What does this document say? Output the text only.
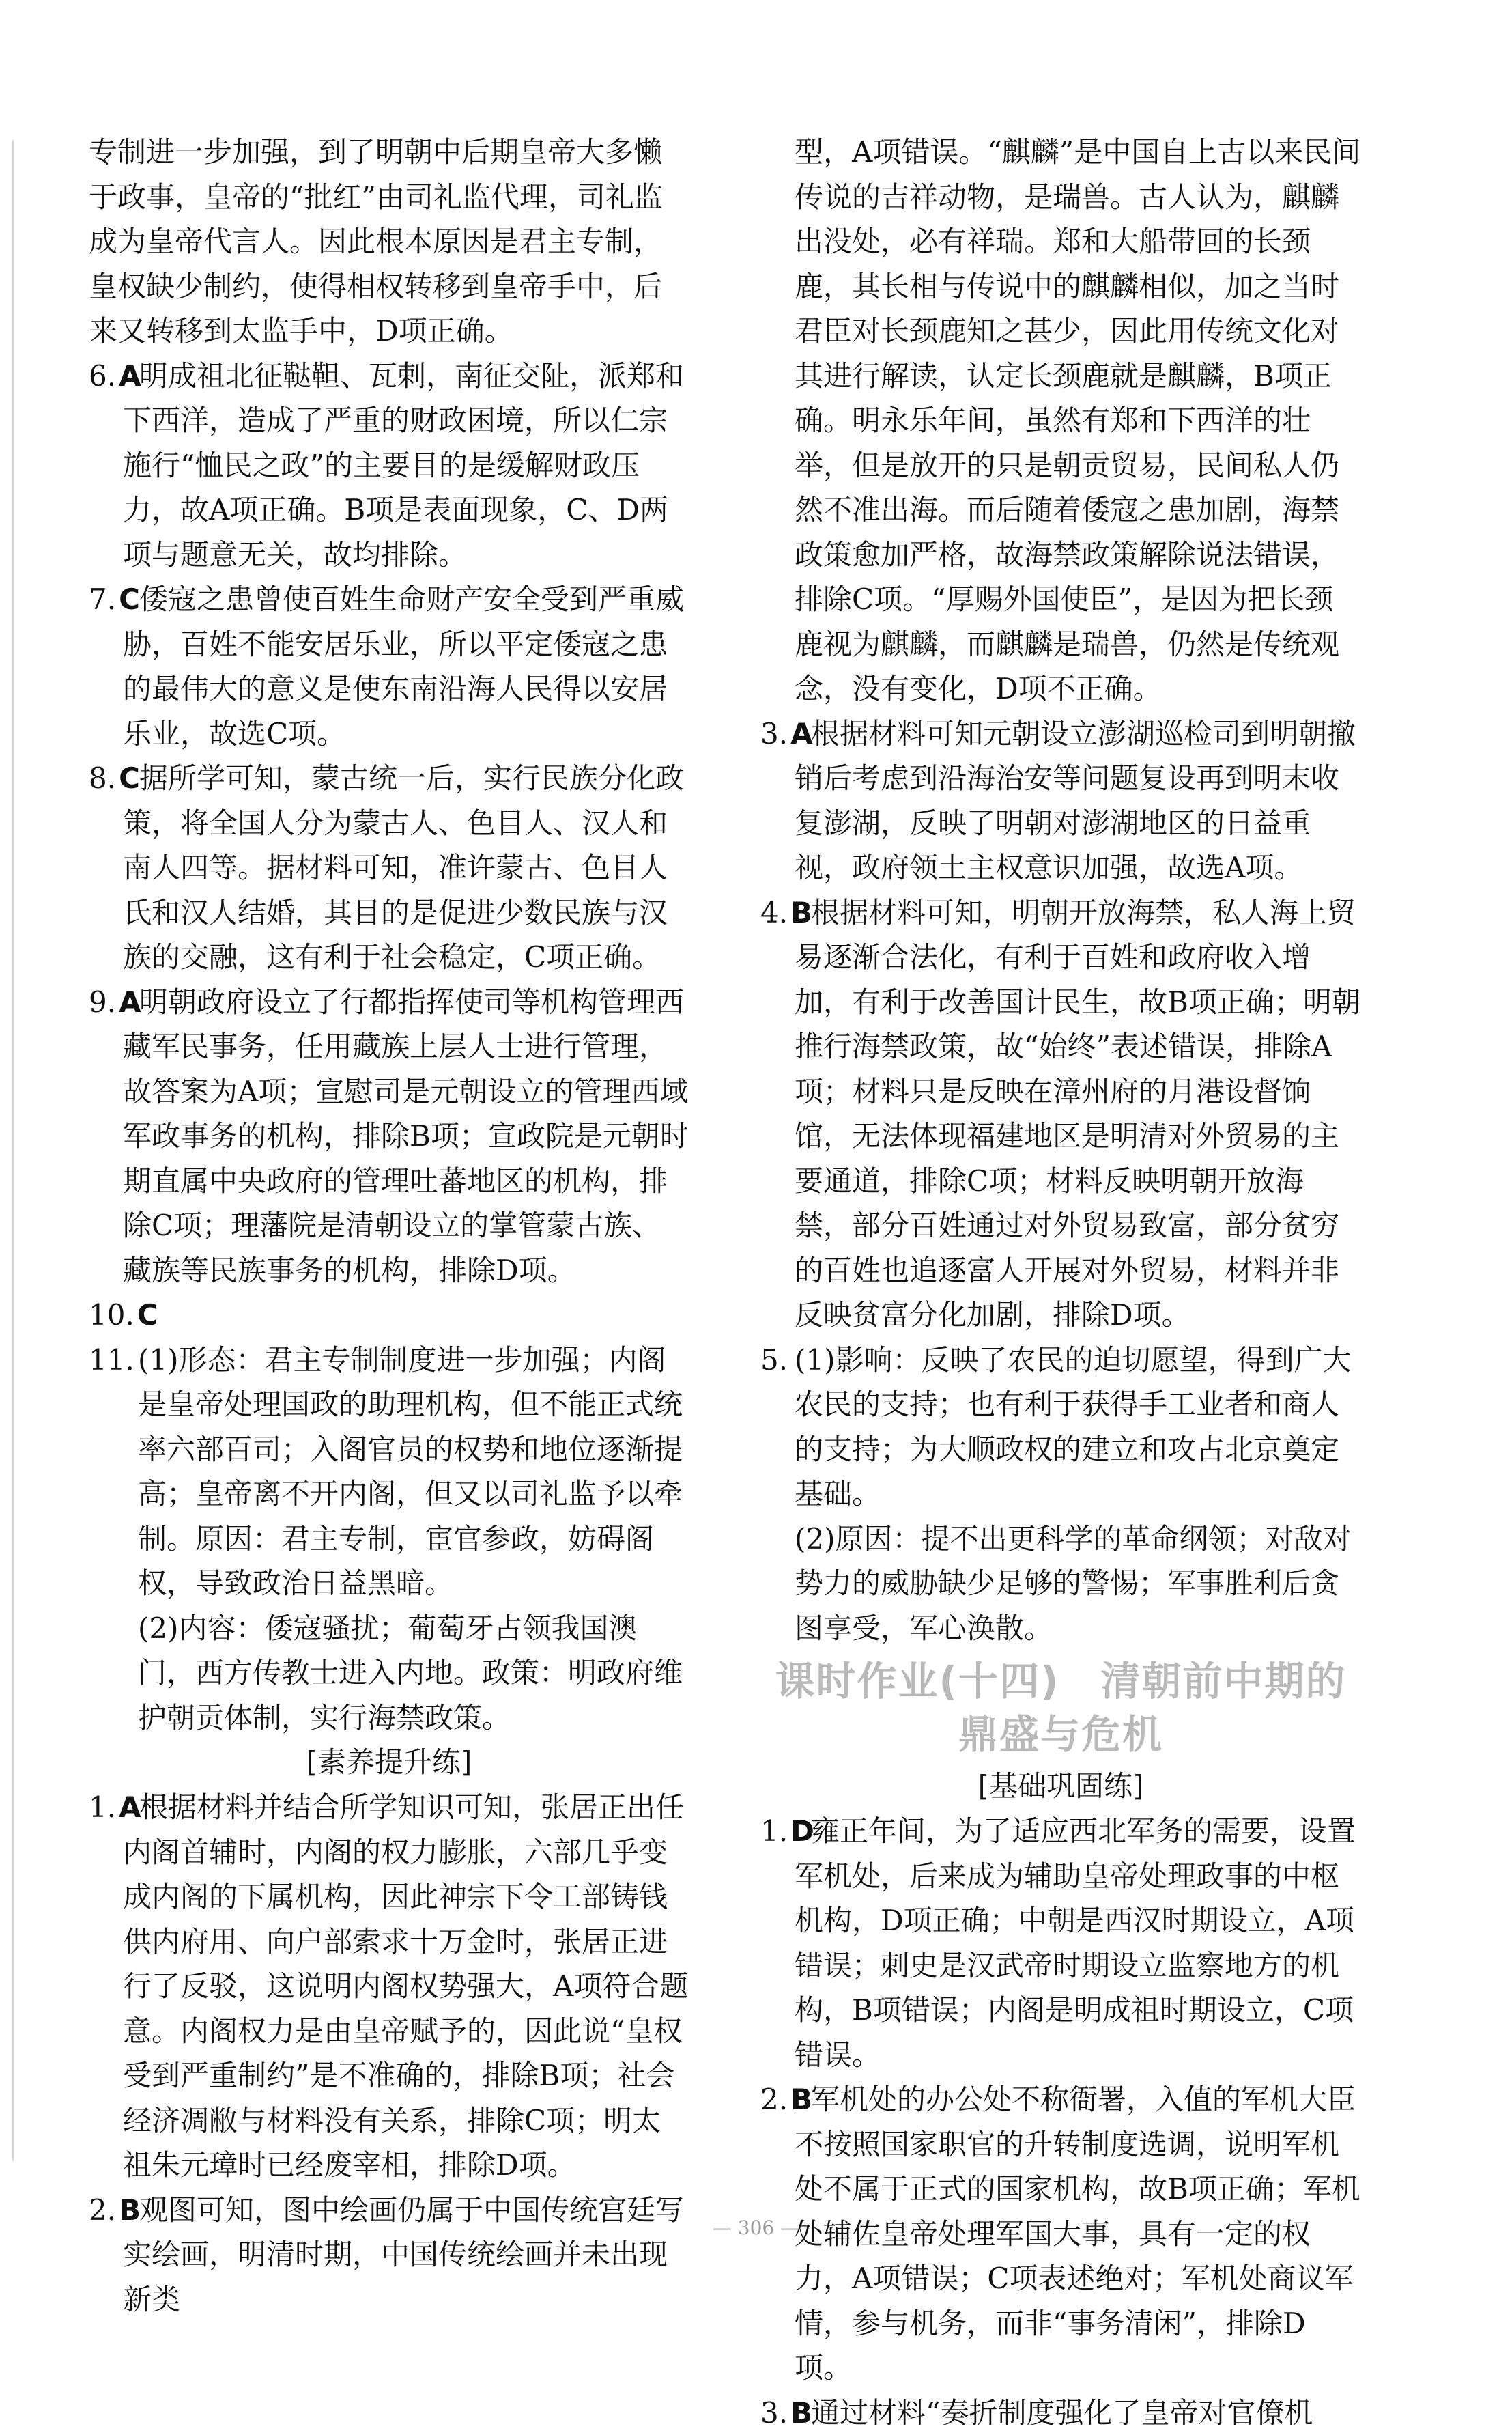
专制进一步加强，到了明朝中后期皇帝大多懒于政事，皇帝的“批红”由司礼监代理，司礼监成为皇帝代言人。因此根本原因是君主专制，皇权缺少制约，使得相权转移到皇帝手中，后来又转移到太监手中，D项正确。

6.A

明成祖北征鞑靼、瓦剌，南征交阯，派郑和下西洋，造成了严重的财政困境，所以仁宗施行“恤民之政”的主要目的是缓解财政压力，故A项正确。B项是表面现象，C、D两项与题意无关，故均排除。

7.C 倭寇之患曾使百姓生命财产安全受到严重威胁，百姓不能安居乐业，所以平定倭寇之患的最伟大的意义是使东南沿海人民得以安居乐业，故选C项。

8.C 据所学可知，蒙古统一后，实行民族分化政策，将全国人分为蒙古人、色目人、汉人和南人四等。据材料可知，准许蒙古、色目人氏和汉人结婚，其目的是促进少数民族与汉族的交融，这有利于社会稳定，C项正确。

9.A

明朝政府设立了行都指挥使司等机构管理西藏军民事务，任用藏族上层人士进行管理，故答案为A项；宣慰司是元朝设立的管理西域军政事务的机构，排除B项；宣政院是元朝时期直属中央政府的管理吐蕃地区的机构，排除C项；理藩院是清朝设立的掌管蒙古族、藏族等民族事务的机构，排除D项。

10.C
11. (1)形态：君主专制制度进一步加强；内阁是皇帝处理国政的助理机构，但不能正式统率六部百司；入阁官员的权势和地位逐渐提高；皇帝离不开内阁，但又以司礼监予以牵制。原因：君主专制，宦官参政，妨碍阁权，导致政治日益黑暗。

(2)内容：倭寇骚扰；葡萄牙占领我国澳门，西方传教士进入内地。政策：明政府维护朝贡体制，实行海禁政策。

[素养提升练]
1.A

根据材料并结合所学知识可知，张居正出任内阁首辅时，内阁的权力膨胀，六部几乎变成内阁的下属机构，因此神宗下令工部铸钱供内府用、向户部索求十万金时，张居正进行了反驳，这说明内阁权势强大，A项符合题意。内阁权力是由皇帝赋予的，因此说“皇权受到严重制约”是不准确的，排除B项；社会经济凋敝与材料没有关系，排除C项；明太祖朱元璋时已经废宰相，排除D项。

2.B

观图可知，图中绘画仍属于中国传统宫廷写实绘画，明清时期，中国传统绘画并未出现新类

型，A项错误。“麒麟”是中国自上古以来民间传说的吉祥动物，是瑞兽。古人认为，麒麟出没处，必有祥瑞。郑和大船带回的长颈鹿，其长相与传说中的麒麟相似，加之当时君臣对长颈鹿知之甚少，因此用传统文化对其进行解读，认定长颈鹿就是麒麟，B项正确。明永乐年间，虽然有郑和下西洋的壮举，但是放开的只是朝贡贸易，民间私人仍然不准出海。而后随着倭寇之患加剧，海禁政策愈加严格，故海禁政策解除说法错误，排除C项。“厚赐外国使臣”，是因为把长颈鹿视为麒麟，而麒麟是瑞兽，仍然是传统观念，没有变化，D项不正确。

3.A

根据材料可知元朝设立澎湖巡检司到明朝撤销后考虑到沿海治安等问题复设再到明末收复澎湖，反映了明朝对澎湖地区的日益重视，政府领土主权意识加强，故选A项。

4.B

根据材料可知，明朝开放海禁，私人海上贸易逐渐合法化，有利于百姓和政府收入增加，有利于改善国计民生，故B项正确；明朝推行海禁政策，故“始终”表述错误，排除A项；材料只是反映在漳州府的月港设督饷馆，无法体现福建地区是明清对外贸易的主要通道，排除C项；材料反映明朝开放海禁，部分百姓通过对外贸易致富，部分贫穷的百姓也追逐富人开展对外贸易，材料并非反映贫富分化加剧，排除D项。

5. (1)影响：反映了农民的迫切愿望，得到广大农民的支持；也有利于获得手工业者和商人的支持；为大顺政权的建立和攻占北京奠定基础。

(2)原因：提不出更科学的革命纲领；对敌对势力的威胁缺少足够的警惕；军事胜利后贪图享受，军心涣散。

课时作业(十四)　清朝前中期的
鼎盛与危机
[基础巩固练]
1.D

雍正年间，为了适应西北军务的需要，设置军机处，后来成为辅助皇帝处理政事的中枢机构，D项正确；中朝是西汉时期设立，A项错误；刺史是汉武帝时期设立监察地方的机构，B项错误；内阁是明成祖时期设立，C项错误。

2.B

军机处的办公处不称衙署，入值的军机大臣不按照国家职官的升转制度选调，说明军机处不属于正式的国家机构，故B项正确；军机处辅佐皇帝处理军国大事，具有一定的权力，A项错误；C项表述绝对；军机处商议军情，参与机务，而非“事务清闲”，排除D项。

3.B

通过材料“奏折制度强化了皇帝对官僚机

— 306 —
